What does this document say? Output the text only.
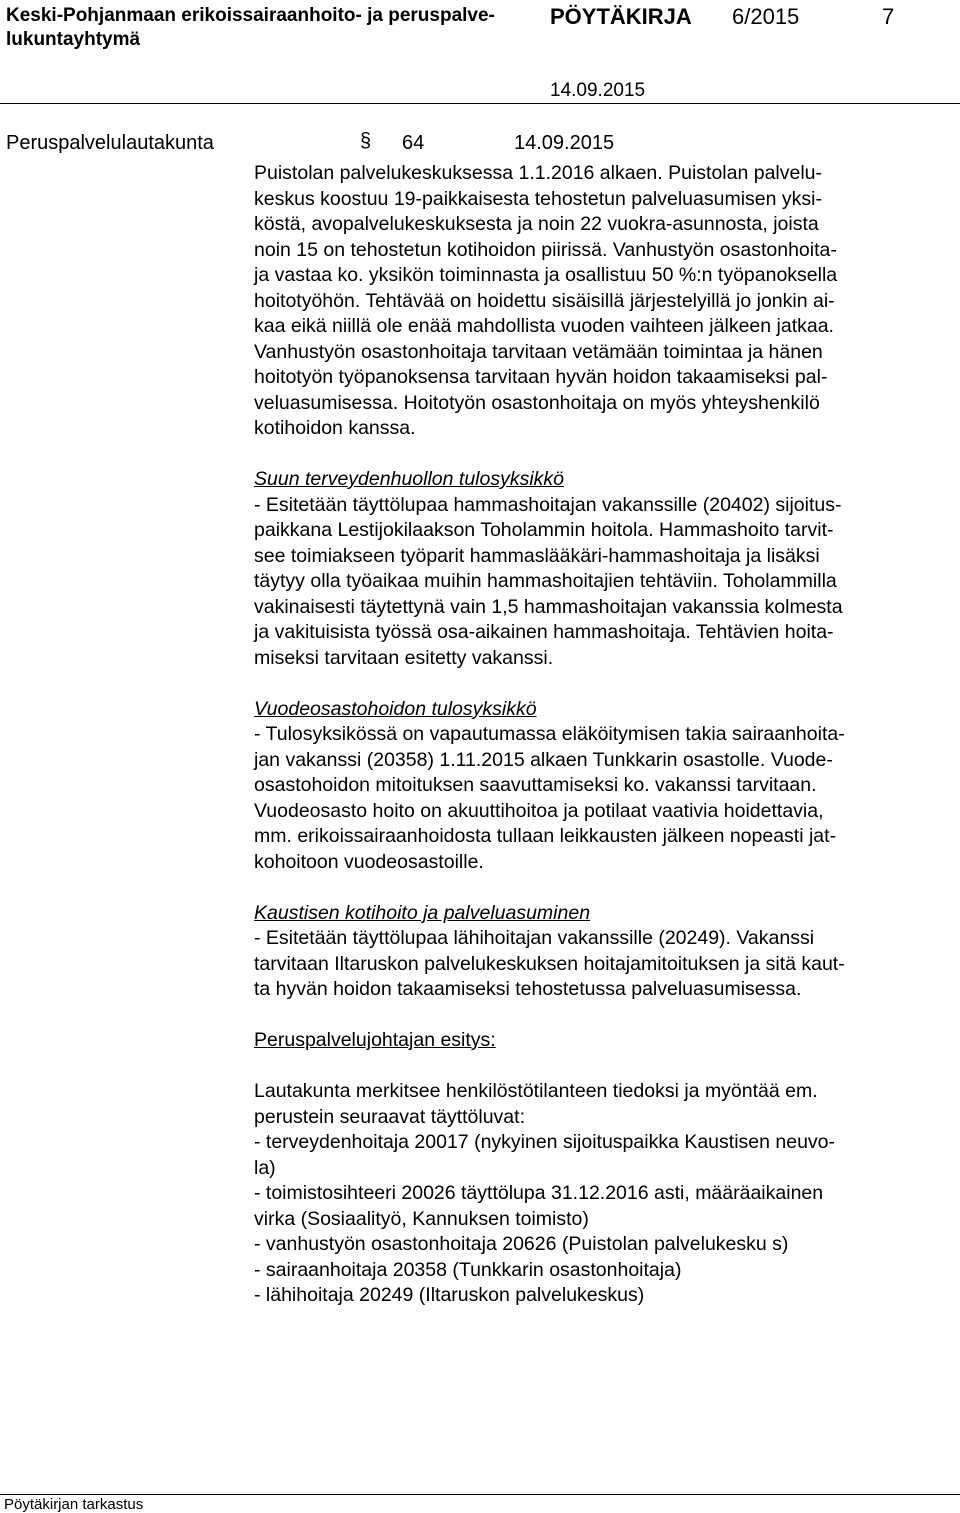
Keski-Pohjanmaan erikoissairaanhoito- ja peruspalve-
lukuntayhtymä
PÖYTÄKIRJA 6/2015	7
14.09.2015
Peruspalvelulautakunta	§ 64	14.09.2015

Puistolan palvelukeskuksessa 1.1.2016 alkaen. Puistolan palvelu-
keskus koostuu 19-paikkaisesta tehostetun palveluasumisen yksi-
köstä, avopalvelukeskuksesta ja noin 22 vuokra-asunnosta, joista
noin 15 on tehostetun kotihoidon piirissä. Vanhustyön osastonhoita-
ja vastaa ko. yksikön toiminnasta ja osallistuu 50 %:n työpanoksella
hoitotyöhön. Tehtävää on hoidettu sisäisillä järjestelyillä jo jonkin ai-
kaa eikä niillä ole enää mahdollista vuoden vaihteen jälkeen jatkaa.
Vanhustyön osastonhoitaja tarvitaan vetämään toimintaa ja hänen
hoitotyön työpanoksensa tarvitaan hyvän hoidon takaamiseksi pal-
veluasumisessa. Hoitotyön osastonhoitaja on myös yhteyshenkilö
kotihoidon kanssa.

Suun terveydenhuollon tulosyksikkö
- Esitetään täyttölupaa hammashoitajan vakanssille (20402) sijoitus-
paikkana Lestijokilaakson Toholammin hoitola. Hammashoito tarvit-
see toimiakseen työparit hammaslääkäri-hammashoitaja ja lisäksi
täytyy olla työaikaa muihin hammashoitajien tehtäviin. Toholammilla
vakinaisesti täytettynä vain 1,5 hammashoitajan vakanssia kolmesta
ja vakituisista työssä osa-aikainen hammashoitaja. Tehtävien hoita-
miseksi tarvitaan esitetty vakanssi.

Vuodeosastohoidon tulosyksikkö
- Tulosyksikössä on vapautumassa eläköitymisen takia sairaanhoita-
jan vakanssi (20358) 1.11.2015 alkaen Tunkkarin osastolle. Vuode-
osastohoidon mitoituksen saavuttamiseksi ko. vakanssi tarvitaan.
Vuodeosasto hoito on akuuttihoitoa ja potilaat vaativia hoidettavia,
mm. erikoissairaanhoidosta tullaan leikkausten jälkeen nopeasti jat-
kohoitoon vuodeosastoille.

Kaustisen kotihoito ja palveluasuminen
- Esitetään täyttölupaa lähihoitajan vakanssille (20249). Vakanssi
tarvitaan Iltaruskon palvelukeskuksen hoitajamitoituksen ja sitä kaut-
ta hyvän hoidon takaamiseksi tehostetussa palveluasumisessa.

Peruspalvelujohtajan esitys:
Lautakunta merkitsee henkilöstötilanteen tiedoksi ja myöntää em.
perustein seuraavat täyttöluvat:
- terveydenhoitaja 20017 (nykyinen sijoituspaikka Kaustisen neuvo-
la)
- toimistosihteeri 20026 täyttölupa 31.12.2016 asti, määräaikainen
virka (Sosiaalityö, Kannuksen toimisto)
- vanhustyön osastonhoitaja 20626 (Puistolan palvelukesku s)
- sairaanhoitaja 20358 (Tunkkarin osastonhoitaja)
- lähihoitaja 20249 (Iltaruskon palvelukeskus)

Pöytäkirjan tarkastus
